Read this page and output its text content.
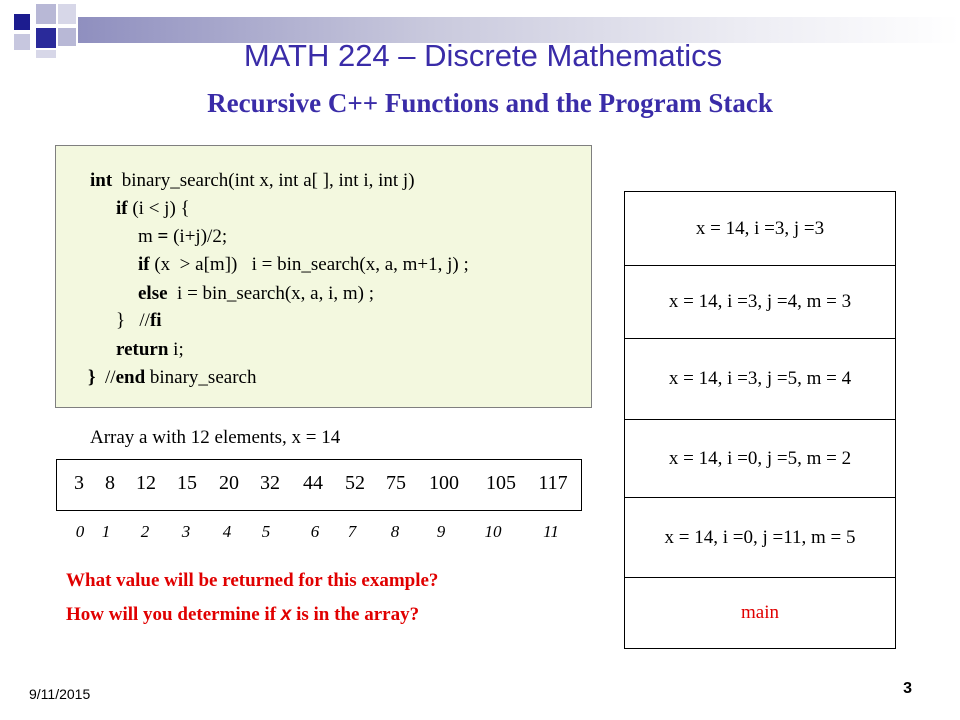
MATH 224 – Discrete Mathematics
Recursive C++ Functions and the Program Stack
int  binary_search(int x, int a[ ], int i, int j)
if (i < j) {
m = (i+j)/2;
if (x  > a[m])   i = bin_search(x, a, m+1, j) ;
else  i = bin_search(x, a, i, m) ;
}   //fi
return i;
}  //end binary_search
Array a with 12 elements, x = 14
3 8 12 15 20 32 44 52 75 100 105 117
0 1 2 3 4 5 6 7 8 9 10 11
What value will be returned for this example?
How will you determine if x is in the array?
x = 14, i =3, j =3
x = 14, i =3, j =4, m = 3
x = 14, i =3, j =5, m = 4
x = 14, i =0, j =5, m = 2
x = 14, i =0, j =11, m = 5
main
9/11/2015	3
